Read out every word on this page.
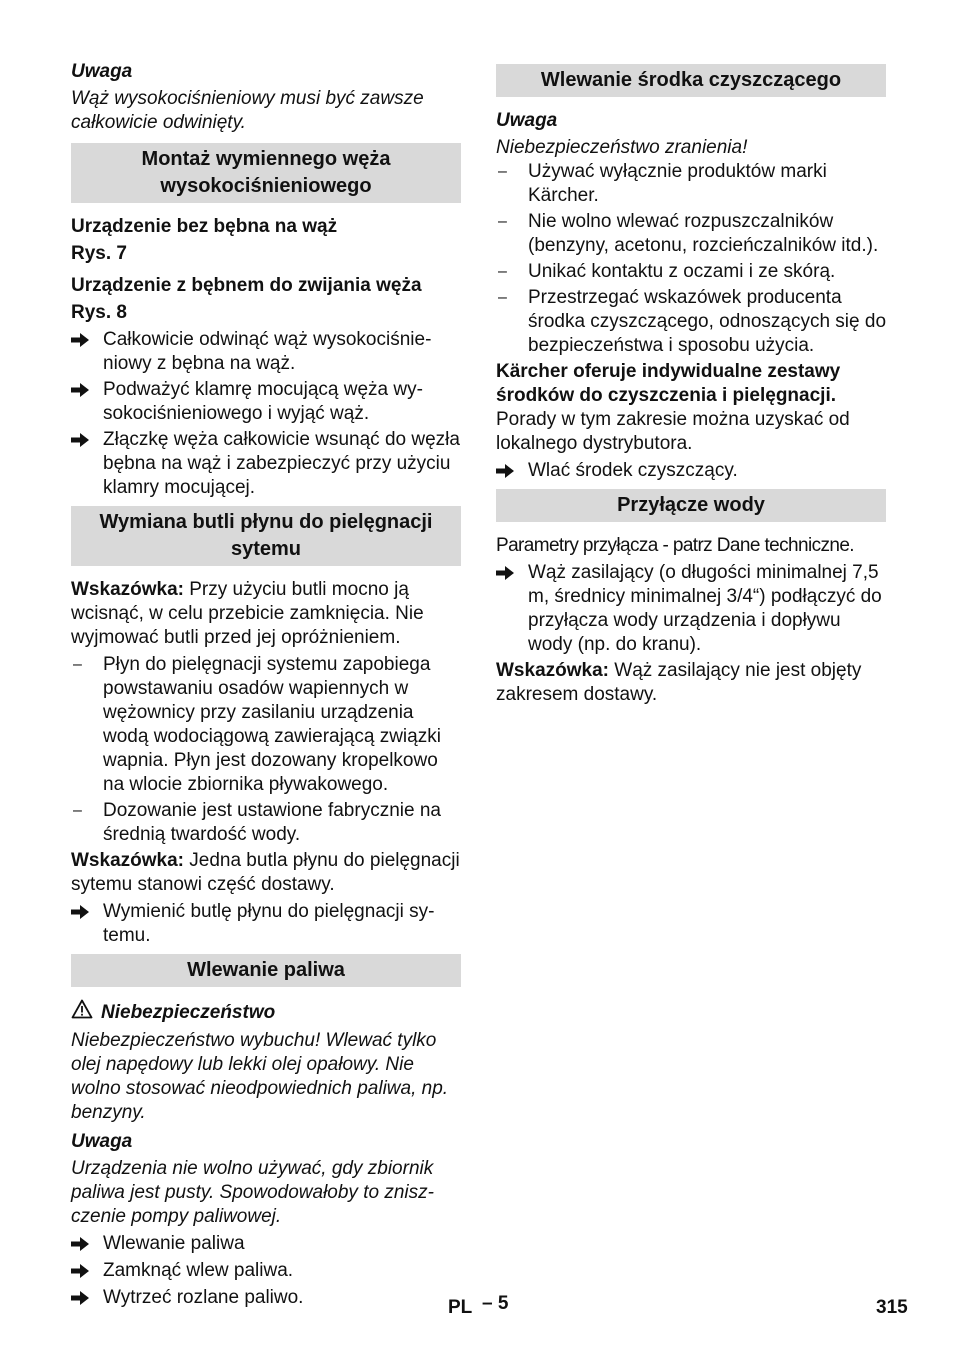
Uwaga
Wąż wysokociśnieniowy musi być zawsze całkowicie odwinięty.
Montaż wymiennego węża wysokociśnieniowego
Urządzenie bez bębna na wąż
Rys. 7
Urządzenie z bębnem do zwijania węża
Rys. 8
Całkowicie odwinąć wąż wysokociśnieniowy z bębna na wąż.
Podważyć klamrę mocującą węża wysokociśnieniowego i wyjąć wąż.
Złączkę węża całkowicie wsunąć do węzła bębna na wąż i zabezpieczyć przy użyciu klamry mocującej.
Wymiana butli płynu do pielęgnacji sytemu
Wskazówka: Przy użyciu butli mocno ją wcisnąć, w celu przebicie zamknięcia. Nie wyjmować butli przed jej opróżnieniem.
–	Płyn do pielęgnacji systemu zapobiega powstawaniu osadów wapiennych w wężownicy przy zasilaniu urządzenia wodą wodociągową zawierającą związki wapnia. Płyn jest dozowany kropelkowo na wlocie zbiornika pływakowego.
–	Dozowanie jest ustawione fabrycznie na średnią twardość wody.
Wskazówka: Jedna butla płynu do pielęgnacji sytemu stanowi część dostawy.
Wymienić butlę płynu do pielęgnacji sytemu.
Wlewanie paliwa
Niebezpieczeństwo
Niebezpieczeństwo wybuchu! Wlewać tylko olej napędowy lub lekki olej opałowy. Nie wolno stosować nieodpowiednich paliwa, np. benzyny.
Uwaga
Urządzenia nie wolno używać, gdy zbiornik paliwa jest pusty. Spowodowałoby to zniszczenie pompy paliwowej.
Wlewanie paliwa
Zamknąć wlew paliwa.
Wytrzeć rozlane paliwo.
Wlewanie środka czyszczącego
Uwaga
Niebezpieczeństwo zranienia!
–	Używać wyłącznie produktów marki Kärcher.
–	Nie wolno wlewać rozpuszczalników (benzyny, acetonu, rozcieńczalników itd.).
–	Unikać kontaktu z oczami i ze skórą.
–	Przestrzegać wskazówek producenta środka czyszczącego, odnoszących się do bezpieczeństwa i sposobu użycia.
Kärcher oferuje indywidualne zestawy środków do czyszczenia i pielęgnacji.
Porady w tym zakresie można uzyskać od lokalnego dystrybutora.
Wlać środek czyszczący.
Przyłącze wody
Parametry przyłącza - patrz Dane techniczne.
Wąż zasilający (o długości minimalnej 7,5 m, średnicy minimalnej 3/4“) podłączyć do przyłącza wody urządzenia i dopływu wody (np. do kranu).
Wskazówka: Wąż zasilający nie jest objęty zakresem dostawy.
PL – 5	315
